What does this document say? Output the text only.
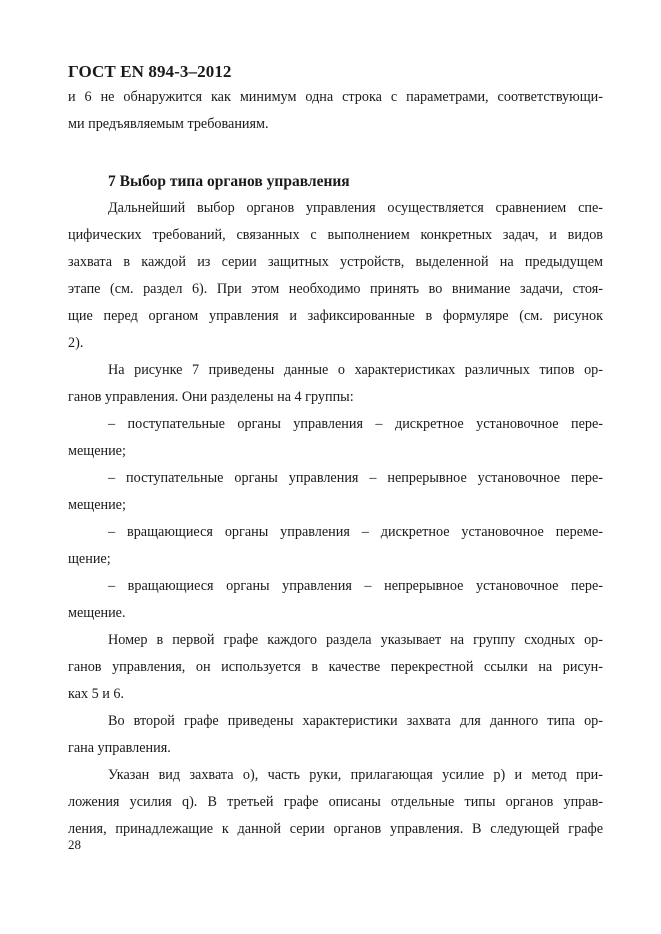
ГОСТ EN 894-3–2012
и 6 не обнаружится как минимум одна строка с параметрами, соответствующи-
ми предъявляемым требованиям.
7 Выбор типа органов управления
Дальнейший выбор органов управления осуществляется сравнением спе-
цифических требований, связанных с выполнением конкретных задач, и видов
захвата в каждой из серии защитных устройств, выделенной на предыдущем
этапе (см. раздел 6). При этом необходимо принять во внимание задачи, стоя-
щие перед органом управления и зафиксированные в формуляре (см. рисунок
2).
На рисунке 7 приведены данные о характеристиках различных типов ор-
ганов управления. Они разделены на 4 группы:
– поступательные органы управления – дискретное установочное пере-
мещение;
– поступательные органы управления – непрерывное установочное пере-
мещение;
– вращающиеся органы управления – дискретное установочное переме-
щение;
– вращающиеся органы управления – непрерывное установочное пере-
мещение.
Номер в первой графе каждого раздела указывает на группу сходных ор-
ганов управления, он используется в качестве перекрестной ссылки на рисун-
ках 5 и 6.
Во второй графе приведены характеристики захвата для данного типа ор-
гана управления.
Указан вид захвата o), часть руки, прилагающая усилие p) и метод при-
ложения усилия q). В третьей графе описаны отдельные типы органов управ-
ления, принадлежащие к данной серии органов управления. В следующей графе
28
